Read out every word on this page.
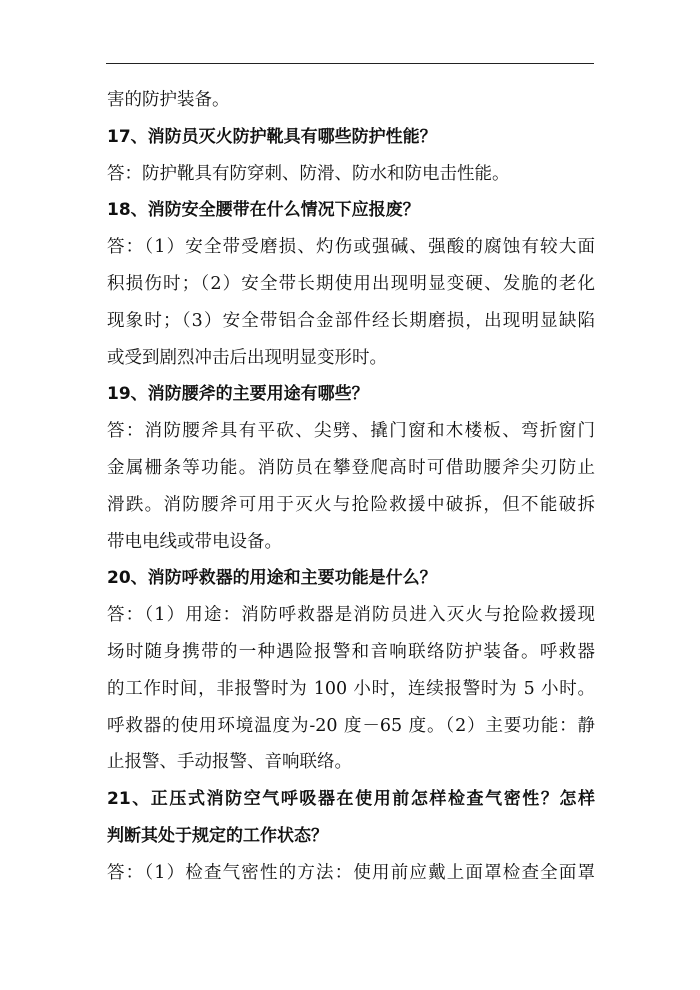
害的防护装备。
17、消防员灭火防护靴具有哪些防护性能？
答：防护靴具有防穿刺、防滑、防水和防电击性能。
18、消防安全腰带在什么情况下应报废？
答：（1）安全带受磨损、灼伤或强碱、强酸的腐蚀有较大面
积损伤时；（2）安全带长期使用出现明显变硬、发脆的老化
现象时；（3）安全带铝合金部件经长期磨损，出现明显缺陷
或受到剧烈冲击后出现明显变形时。
19、消防腰斧的主要用途有哪些？
答：消防腰斧具有平砍、尖劈、撬门窗和木楼板、弯折窗门
金属栅条等功能。消防员在攀登爬高时可借助腰斧尖刃防止
滑跌。消防腰斧可用于灭火与抢险救援中破拆，但不能破拆
带电电线或带电设备。
20、消防呼救器的用途和主要功能是什么？
答：（1）用途：消防呼救器是消防员进入灭火与抢险救援现
场时随身携带的一种遇险报警和音响联络防护装备。呼救器
的工作时间，非报警时为 100 小时，连续报警时为 5 小时。
呼救器的使用环境温度为-20 度－65 度。（2）主要功能：静
止报警、手动报警、音响联络。
21、正压式消防空气呼吸器在使用前怎样检查气密性？怎样
判断其处于规定的工作状态？
答：（1）检查气密性的方法：使用前应戴上面罩检查全面罩
